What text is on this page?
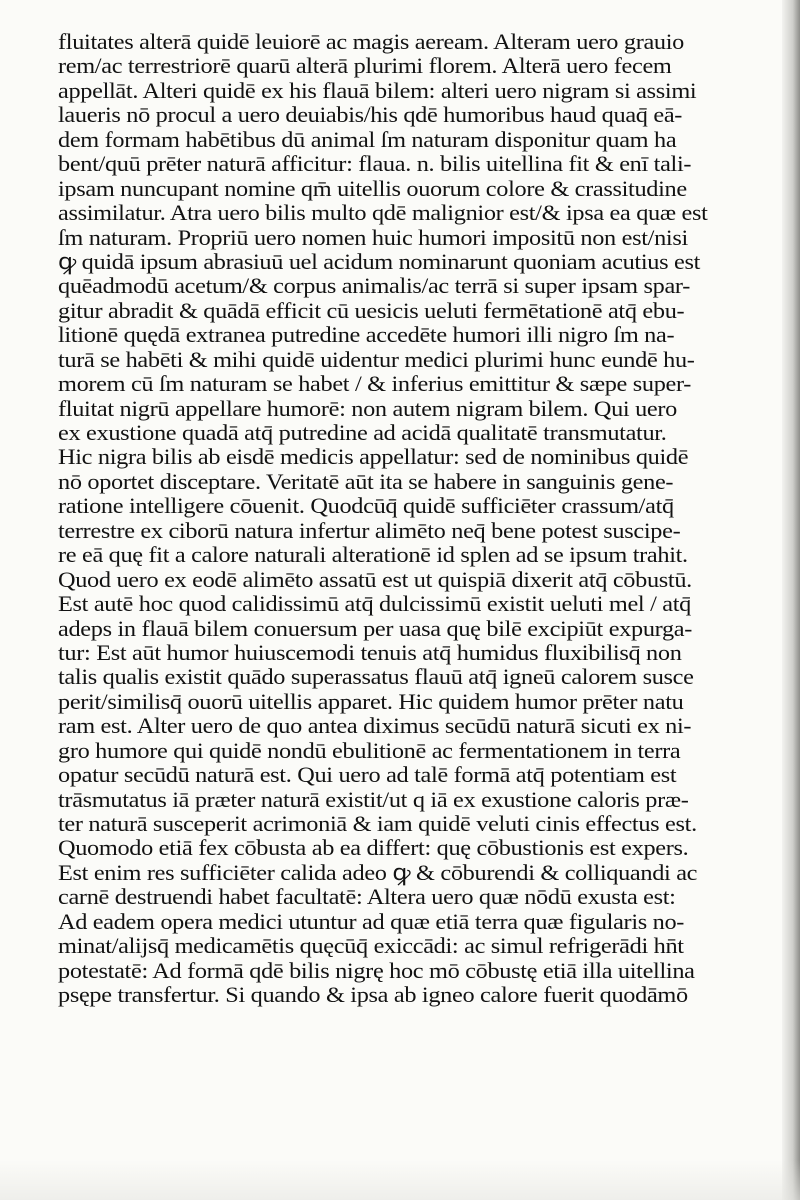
fluitates alterā quidē leuiorē ac magis aeream. Alteram uero grauio
rem/ac terrestriorē quarū alterā plurimi florem. Alterā uero fecem
appellāt. Alteri quidē ex his flauā bilem: alteri uero nigram si assimi
laueris nō procul a uero deuiabis/his qdē humoribus haud quaq̄ eā-
dem formam habētibus dū animal ſm naturam disponitur quam ha
bent/quū prēter naturā afficitur: flaua. n. bilis uitellina fit & enī tali-
ipsam nuncupant nomine qm̄ uitellis ouorum colore & crassitudine
assimilatur. Atra uero bilis multo qdē malignior est/& ipsa ea quæ est
ſm naturam. Propriū uero nomen huic humori impositū non est/nisi
ꝙ quidā ipsum abrasiuū uel acidum nominarunt quoniam acutius est
quēadmodū acetum/& corpus animalis/ac terrā si super ipsam spar-
gitur abradit & quādā efficit cū uesicis ueluti fermētationē atq̄ ebu-
litionē quędā extranea putredine accedēte humori illi nigro ſm na-
turā se habēti & mihi quidē uidentur medici plurimi hunc eundē hu-
morem cū ſm naturam se habet / & inferius emittitur & sæpe super-
fluitat nigrū appellare humorē: non autem nigram bilem. Qui uero
ex exustione quadā atq̄ putredine ad acidā qualitatē transmutatur.
Hic nigra bilis ab eisdē medicis appellatur: sed de nominibus quidē
nō oportet disceptare. Veritatē aūt ita se habere in sanguinis gene-
ratione intelligere cōuenit. Quodcūq̄ quidē sufficiēter crassum/atq̄
terrestre ex ciborū natura infertur alimēto neq̄ bene potest suscipe-
re eā quę fit a calore naturali alterationē id splen ad se ipsum trahit.
Quod uero ex eodē alimēto assatū est ut quispiā dixerit atq̄ cōbustū.
Est autē hoc quod calidissimū atq̄ dulcissimū existit ueluti mel / atq̄
adeps in flauā bilem conuersum per uasa quę bilē excipiūt expurga-
tur: Est aūt humor huiuscemodi tenuis atq̄ humidus fluxibilisq̄ non
talis qualis existit quādo superassatus flauū atq̄ igneū calorem susce
perit/similisq̄ ouorū uitellis apparet. Hic quidem humor prēter natu
ram est. Alter uero de quo antea diximus secūdū naturā sicuti ex ni-
gro humore qui quidē nondū ebulitionē ac fermentationem in terra
opatur secūdū naturā est. Qui uero ad talē formā atq̄ potentiam est
trāsmutatus iā præter naturā existit/ut q iā ex exustione caloris præ-
ter naturā susceperit acrimoniā & iam quidē veluti cinis effectus est.
Quomodo etiā fex cōbusta ab ea differt: quę cōbustionis est expers.
Est enim res sufficiēter calida adeo ꝙ & cōburendi & colliquandi ac
carnē destruendi habet facultatē: Altera uero quæ nōdū exusta est:
Ad eadem opera medici utuntur ad quæ etiā terra quæ figularis no-
minat/alijsq̄ medicamētis quęcūq̄ exiccādi: ac simul refrigerādi hn̄t
potestatē: Ad formā qdē bilis nigrę hoc mō cōbustę etiā illa uitellina
psępe transfertur. Si quando & ipsa ab igneo calore fuerit quodāmō
